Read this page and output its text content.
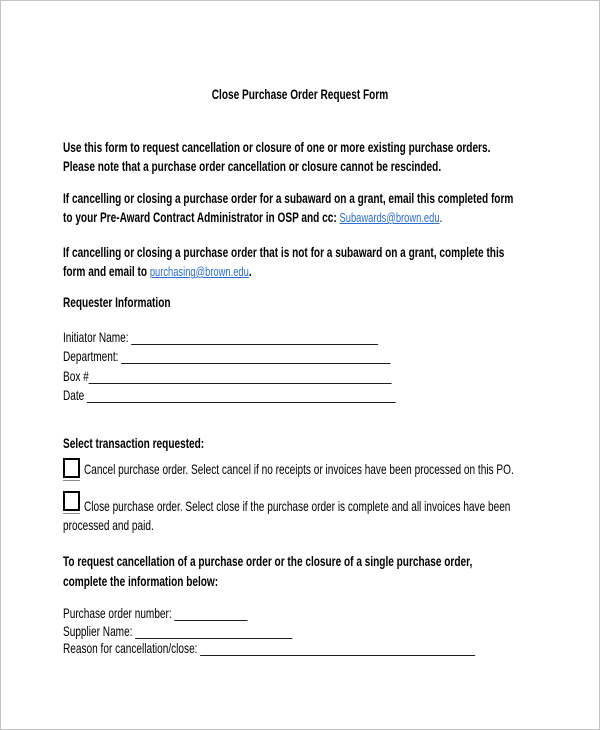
Close Purchase Order Request Form
Use this form to request cancellation or closure of one or more existing purchase orders.
Please note that a purchase order cancellation or closure cannot be rescinded.
If cancelling or closing a purchase order for a subaward on a grant, email this completed form
to your Pre-Award Contract Administrator in OSP and cc: Subawards@brown.edu.
If cancelling or closing a purchase order that is not for a subaward on a grant, complete this
form and email to purchasing@brown.edu.
Requester Information
Initiator Name: ____________________________________________
Department: ________________________________________________
Box #______________________________________________________
Date _______________________________________________________
Select transaction requested:
Cancel purchase order. Select cancel if no receipts or invoices have been processed on this PO.
Close purchase order. Select close if the purchase order is complete and all invoices have been
processed and paid.
To request cancellation of a purchase order or the closure of a single purchase order,
complete the information below:
Purchase order number: _____________
Supplier Name: ____________________________
Reason for cancellation/close: _________________________________________________
